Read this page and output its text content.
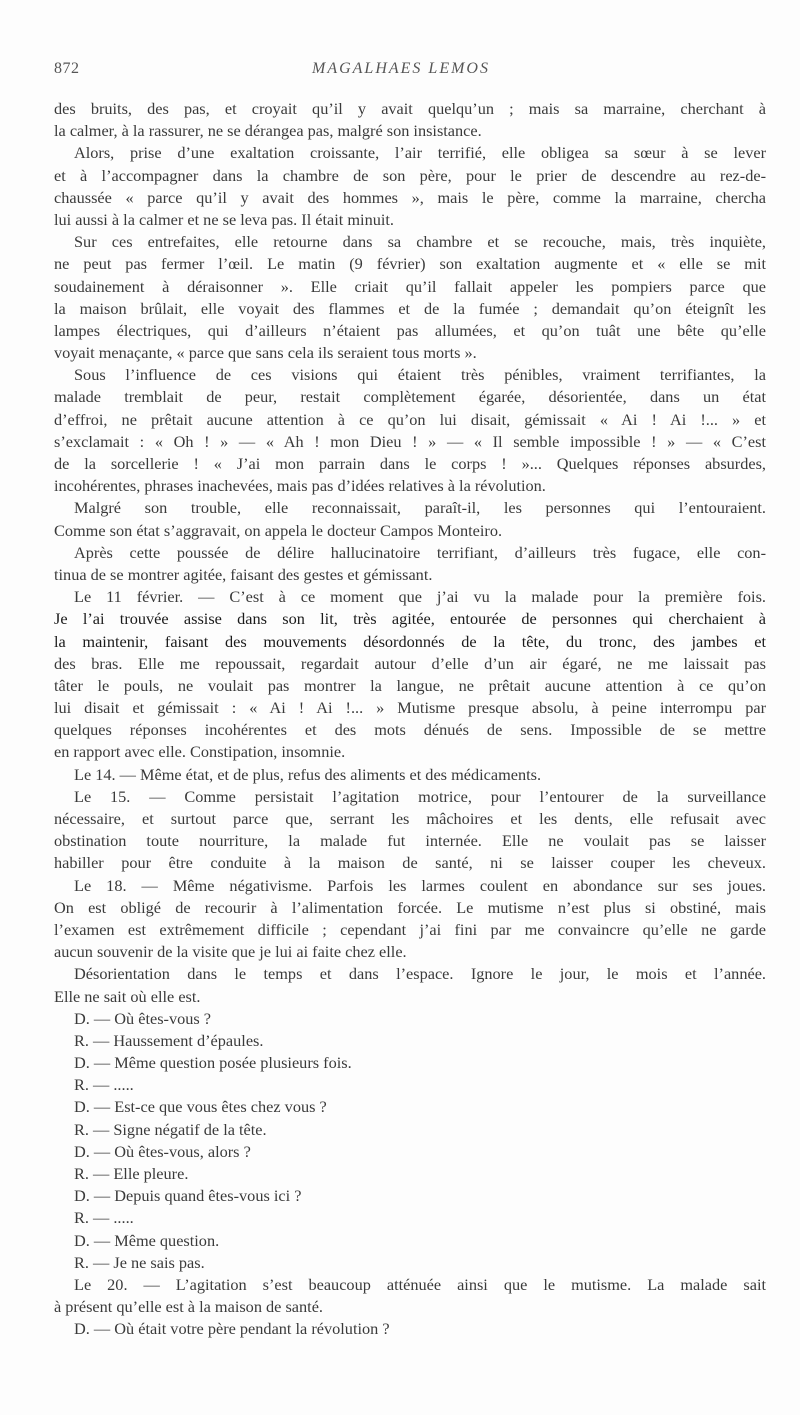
872	MAGALHAES LEMOS
des bruits, des pas, et croyait qu’il y avait quelqu’un ; mais sa marraine, cherchant à
la calmer, à la rassurer, ne se dérangea pas, malgré son insistance.
Alors, prise d’une exaltation croissante, l’air terrifié, elle obligea sa sœur à se lever
et à l’accompagner dans la chambre de son père, pour le prier de descendre au rez-de-
chaussée « parce qu’il y avait des hommes », mais le père, comme la marraine, chercha
lui aussi à la calmer et ne se leva pas. Il était minuit.
Sur ces entrefaites, elle retourne dans sa chambre et se recouche, mais, très inquiète,
ne peut pas fermer l’œil. Le matin (9 février) son exaltation augmente et « elle se mit
soudainement à déraisonner ». Elle criait qu’il fallait appeler les pompiers parce que
la maison brûlait, elle voyait des flammes et de la fumée ; demandait qu’on éteignît les
lampes électriques, qui d’ailleurs n’étaient pas allumées, et qu’on tuât une bête qu’elle
voyait menaçante, « parce que sans cela ils seraient tous morts ».
Sous l’influence de ces visions qui étaient très pénibles, vraiment terrifiantes, la
malade tremblait de peur, restait complètement égarée, désorientée, dans un état
d’effroi, ne prêtait aucune attention à ce qu’on lui disait, gémissait « Ai ! Ai !... » et
s’exclamait : « Oh ! » — « Ah ! mon Dieu ! » — « Il semble impossible ! » — « C’est
de la sorcellerie ! « J’ai mon parrain dans le corps ! »... Quelques réponses absurdes,
incohérentes, phrases inachevées, mais pas d’idées relatives à la révolution.
Malgré son trouble, elle reconnaissait, paraît-il, les personnes qui l’entouraient.
Comme son état s’aggravait, on appela le docteur Campos Monteiro.
Après cette poussée de délire hallucinatoire terrifiant, d’ailleurs très fugace, elle con-
tinua de se montrer agitée, faisant des gestes et gémissant.
Le 11 février. — C’est à ce moment que j’ai vu la malade pour la première fois.
Je l’ai trouvée assise dans son lit, très agitée, entourée de personnes qui cherchaient à
la maintenir, faisant des mouvements désordonnés de la tête, du tronc, des jambes et
des bras. Elle me repoussait, regardait autour d’elle d’un air égaré, ne me laissait pas
tâter le pouls, ne voulait pas montrer la langue, ne prêtait aucune attention à ce qu’on
lui disait et gémissait : « Ai ! Ai !... » Mutisme presque absolu, à peine interrompu par
quelques réponses incohérentes et des mots dénués de sens. Impossible de se mettre
en rapport avec elle. Constipation, insomnie.
Le 14. — Même état, et de plus, refus des aliments et des médicaments.
Le 15. — Comme persistait l’agitation motrice, pour l’entourer de la surveillance
nécessaire, et surtout parce que, serrant les mâchoires et les dents, elle refusait avec
obstination toute nourriture, la malade fut internée. Elle ne voulait pas se laisser
habiller pour être conduite à la maison de santé, ni se laisser couper les cheveux.
Le 18. — Même négativisme. Parfois les larmes coulent en abondance sur ses joues.
On est obligé de recourir à l’alimentation forcée. Le mutisme n’est plus si obstiné, mais
l’examen est extrêmement difficile ; cependant j’ai fini par me convaincre qu’elle ne garde
aucun souvenir de la visite que je lui ai faite chez elle.
Désorientation dans le temps et dans l’espace. Ignore le jour, le mois et l’année.
Elle ne sait où elle est.
D. — Où êtes-vous ?
R. — Haussement d’épaules.
D. — Même question posée plusieurs fois.
R. — .....
D. — Est-ce que vous êtes chez vous ?
R. — Signe négatif de la tête.
D. — Où êtes-vous, alors ?
R. — Elle pleure.
D. — Depuis quand êtes-vous ici ?
R. — .....
D. — Même question.
R. — Je ne sais pas.
Le 20. — L’agitation s’est beaucoup atténuée ainsi que le mutisme. La malade sait
à présent qu’elle est à la maison de santé.
D. — Où était votre père pendant la révolution ?
